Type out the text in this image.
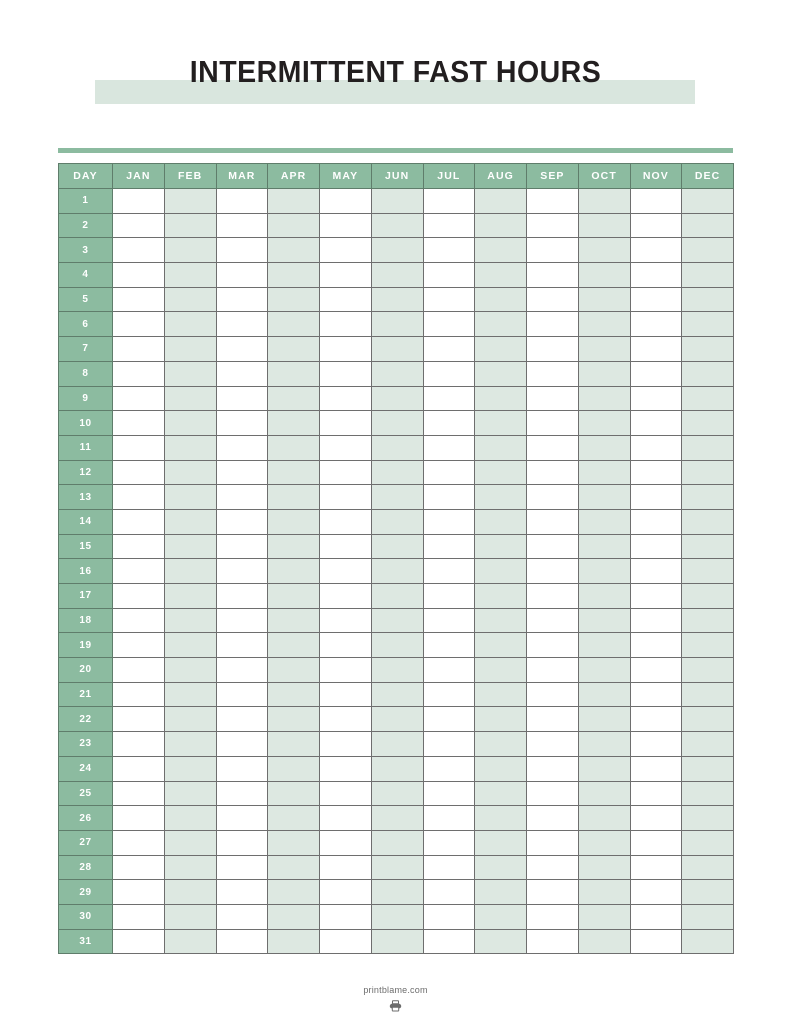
INTERMITTENT FAST HOURS
DAY	JAN	FEB	MAR	APR	MAY	JUN	JUL	AUG	SEP	OCT	NOV	DEC
1												
2												
3												
4												
5												
6												
7												
8												
9												
10												
11												
12												
13												
14												
15												
16												
17												
18												
19												
20												
21												
22												
23												
24												
25												
26												
27												
28												
29												
30												
31												
printblame.com
